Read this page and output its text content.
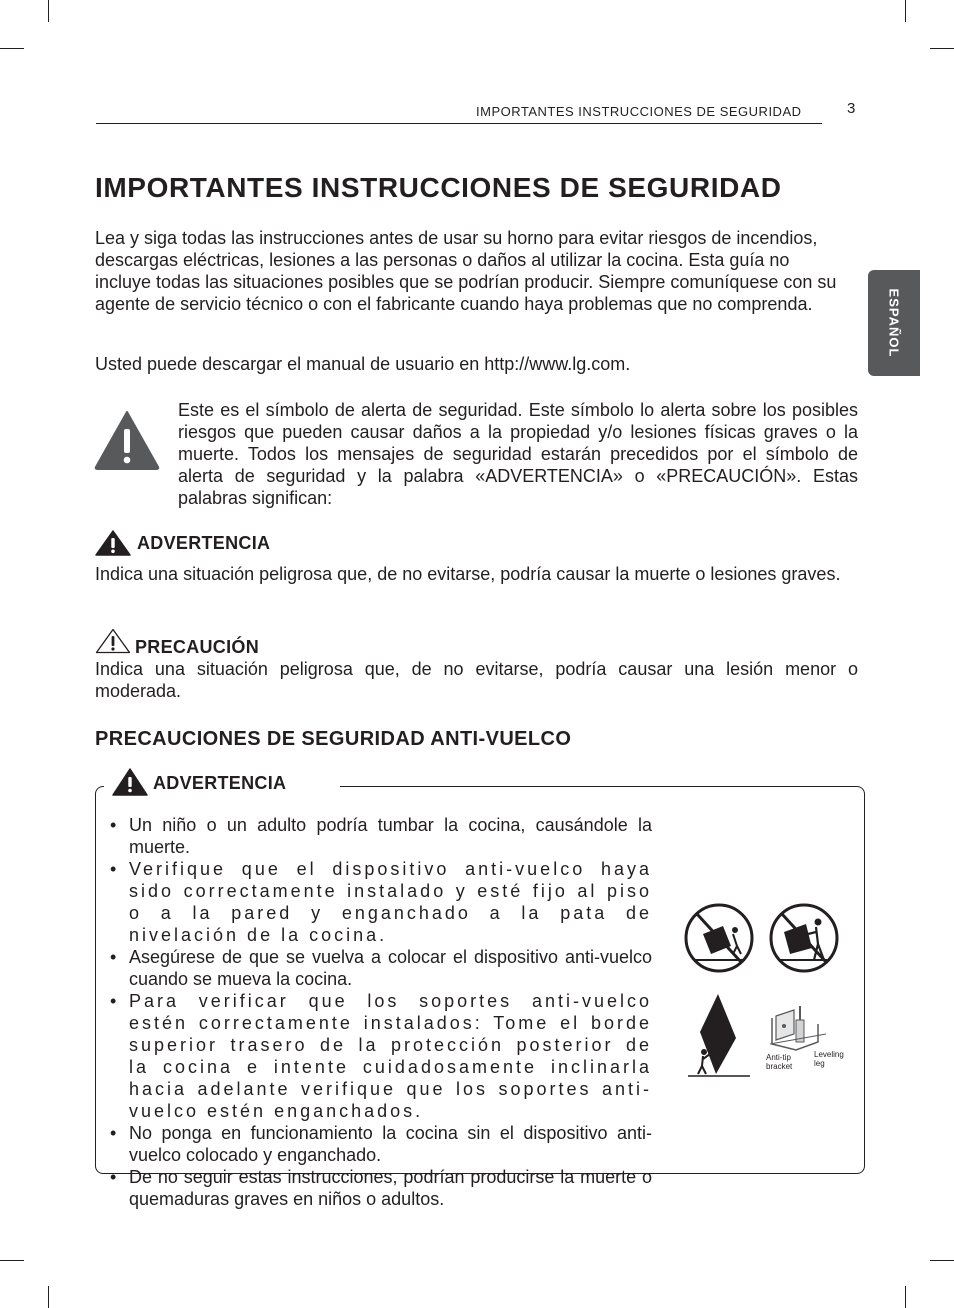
IMPORTANTES INSTRUCCIONES DE SEGURIDAD	3
ESPAÑOL
IMPORTANTES INSTRUCCIONES DE SEGURIDAD

Lea y siga todas las instrucciones antes de usar su horno para evitar riesgos de incendios, descargas eléctricas, lesiones a las personas o daños al utilizar la cocina. Esta guía no incluye todas las situaciones posibles que se podrían producir. Siempre comuníquese con su agente de servicio técnico o con el fabricante cuando haya problemas que no comprenda.

Usted puede descargar el manual de usuario en http://www.lg.com.

Este es el símbolo de alerta de seguridad. Este símbolo lo alerta sobre los posibles riesgos que pueden causar daños a la propiedad y/o lesiones físicas graves o la muerte. Todos los mensajes de seguridad estarán precedidos por el símbolo de alerta de seguridad y la palabra «ADVERTENCIA» o «PRECAUCIÓN». Estas palabras significan:

ADVERTENCIA

Indica una situación peligrosa que, de no evitarse, podría causar la muerte o lesiones graves.

PRECAUCIÓN

Indica una situación peligrosa que, de no evitarse, podría causar una lesión menor o moderada.

PRECAUCIONES DE SEGURIDAD ANTI-VUELCO
ADVERTENCIA
• Un niño o un adulto podría tumbar la cocina, causándole la muerte.
• Verifique que el dispositivo anti-vuelco haya sido correctamente instalado y esté fijo al piso o a la pared y enganchado a la pata de nivelación de la cocina.
• Asegúrese de que se vuelva a colocar el dispositivo anti-vuelco cuando se mueva la cocina.
• Para verificar que los soportes anti-vuelco estén correctamente instalados: Tome el borde superior trasero de la protección posterior de la cocina e intente cuidadosamente inclinarla hacia adelante verifique que los soportes anti-vuelco estén enganchados.
• No ponga en funcionamiento la cocina sin el dispositivo anti-vuelco colocado y enganchado.
• De no seguir estas instrucciones, podrían producirse la muerte o quemaduras graves en niños o adultos.
Anti-tip bracket
Leveling leg
